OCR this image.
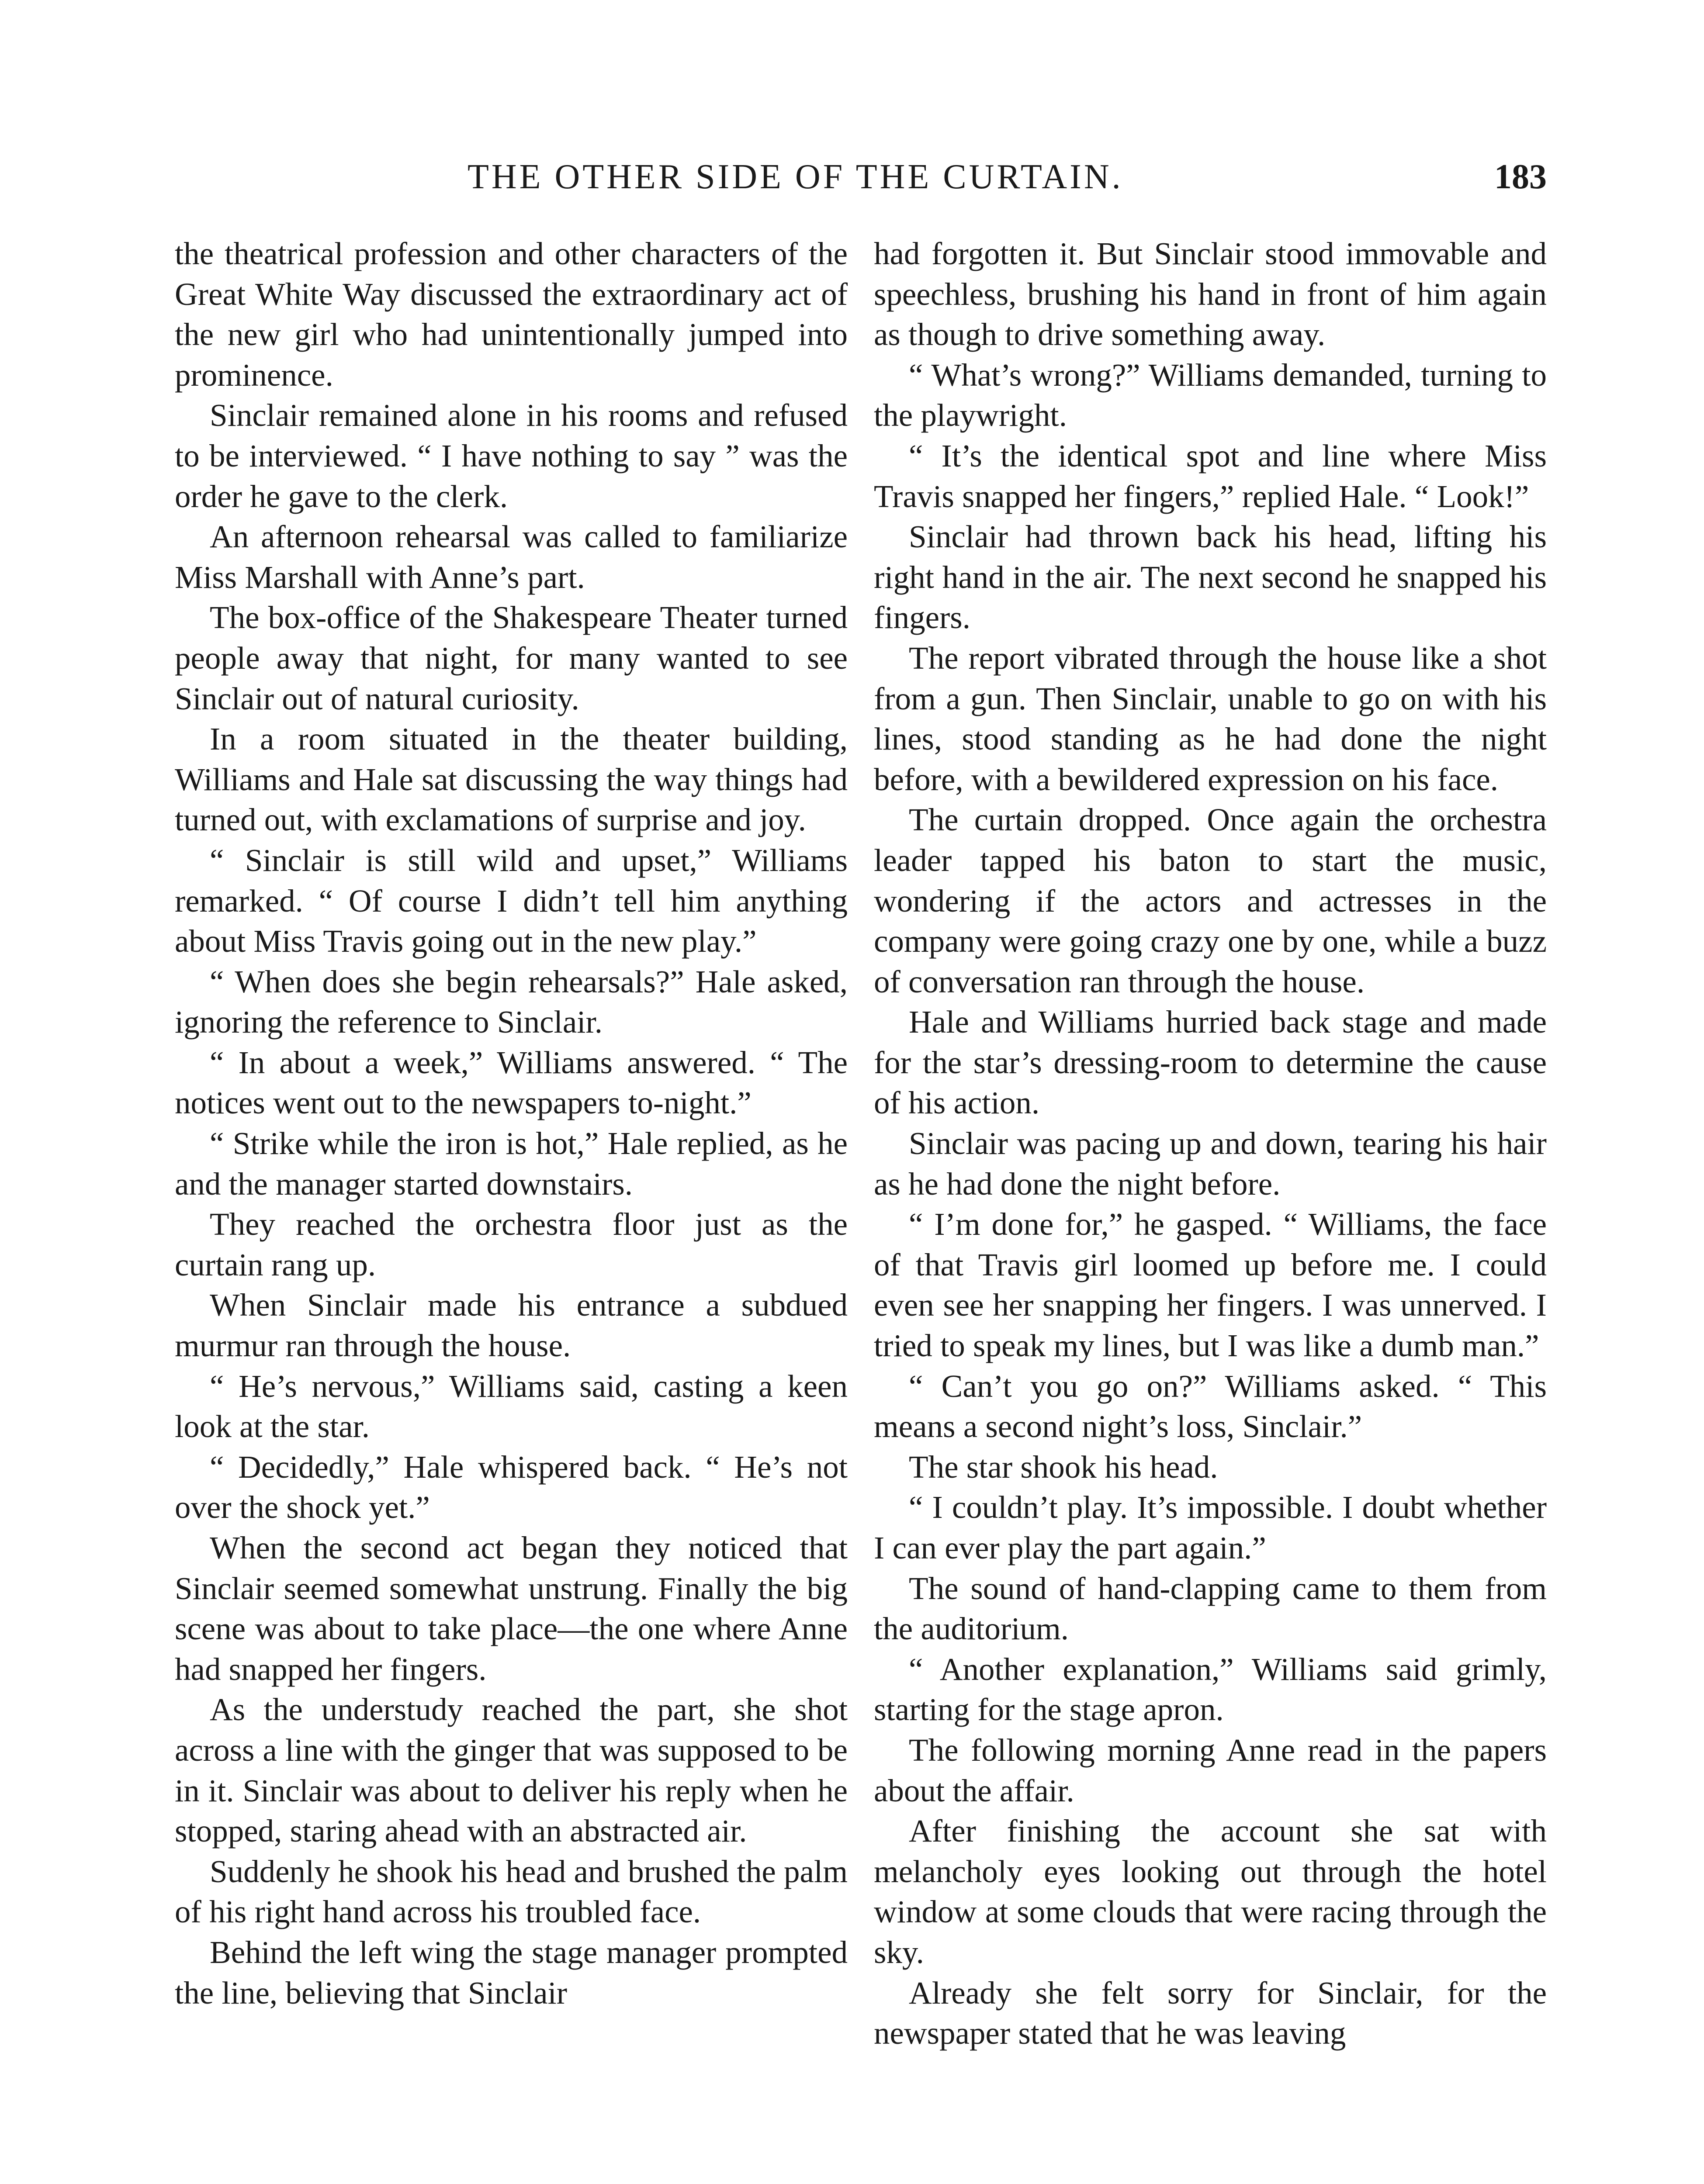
THE OTHER SIDE OF THE CURTAIN.	183

the theatrical profession and other characters of the Great White Way discussed the extraordinary act of the new girl who had unintentionally jumped into prominence.

Sinclair remained alone in his rooms and refused to be interviewed. “ I have nothing to say ” was the order he gave to the clerk.

An afternoon rehearsal was called to familiarize Miss Marshall with Anne’s part.

The box-office of the Shakespeare Theater turned people away that night, for many wanted to see Sinclair out of natural curiosity.

In a room situated in the theater building, Williams and Hale sat discussing the way things had turned out, with exclamations of surprise and joy.

“ Sinclair is still wild and upset,” Williams remarked. “ Of course I didn’t tell him anything about Miss Travis going out in the new play.”

“ When does she begin rehearsals?” Hale asked, ignoring the reference to Sinclair.

“ In about a week,” Williams answered. “ The notices went out to the newspapers to-night.”

“ Strike while the iron is hot,” Hale replied, as he and the manager started downstairs.

They reached the orchestra floor just as the curtain rang up.

When Sinclair made his entrance a subdued murmur ran through the house.

“ He’s nervous,” Williams said, casting a keen look at the star.

“ Decidedly,” Hale whispered back. “ He’s not over the shock yet.”

When the second act began they noticed that Sinclair seemed somewhat unstrung. Finally the big scene was about to take place—the one where Anne had snapped her fingers.

As the understudy reached the part, she shot across a line with the ginger that was supposed to be in it. Sinclair was about to deliver his reply when he stopped, staring ahead with an abstracted air.

Suddenly he shook his head and brushed the palm of his right hand across his troubled face.

Behind the left wing the stage manager prompted the line, believing that Sinclair

had forgotten it. But Sinclair stood immovable and speechless, brushing his hand in front of him again as though to drive something away.

“ What’s wrong?” Williams demanded, turning to the playwright.

“ It’s the identical spot and line where Miss Travis snapped her fingers,” replied Hale. “ Look!”

Sinclair had thrown back his head, lifting his right hand in the air. The next second he snapped his fingers.

The report vibrated through the house like a shot from a gun. Then Sinclair, unable to go on with his lines, stood standing as he had done the night before, with a bewildered expression on his face.

The curtain dropped. Once again the orchestra leader tapped his baton to start the music, wondering if the actors and actresses in the company were going crazy one by one, while a buzz of conversation ran through the house.

Hale and Williams hurried back stage and made for the star’s dressing-room to determine the cause of his action.

Sinclair was pacing up and down, tearing his hair as he had done the night before.

“ I’m done for,” he gasped. “ Williams, the face of that Travis girl loomed up before me. I could even see her snapping her fingers. I was unnerved. I tried to speak my lines, but I was like a dumb man.”

“ Can’t you go on?” Williams asked. “ This means a second night’s loss, Sinclair.”

The star shook his head.

“ I couldn’t play. It’s impossible. I doubt whether I can ever play the part again.”

The sound of hand-clapping came to them from the auditorium.

“ Another explanation,” Williams said grimly, starting for the stage apron.

The following morning Anne read in the papers about the affair.

After finishing the account she sat with melancholy eyes looking out through the hotel window at some clouds that were racing through the sky.

Already she felt sorry for Sinclair, for the newspaper stated that he was leaving
